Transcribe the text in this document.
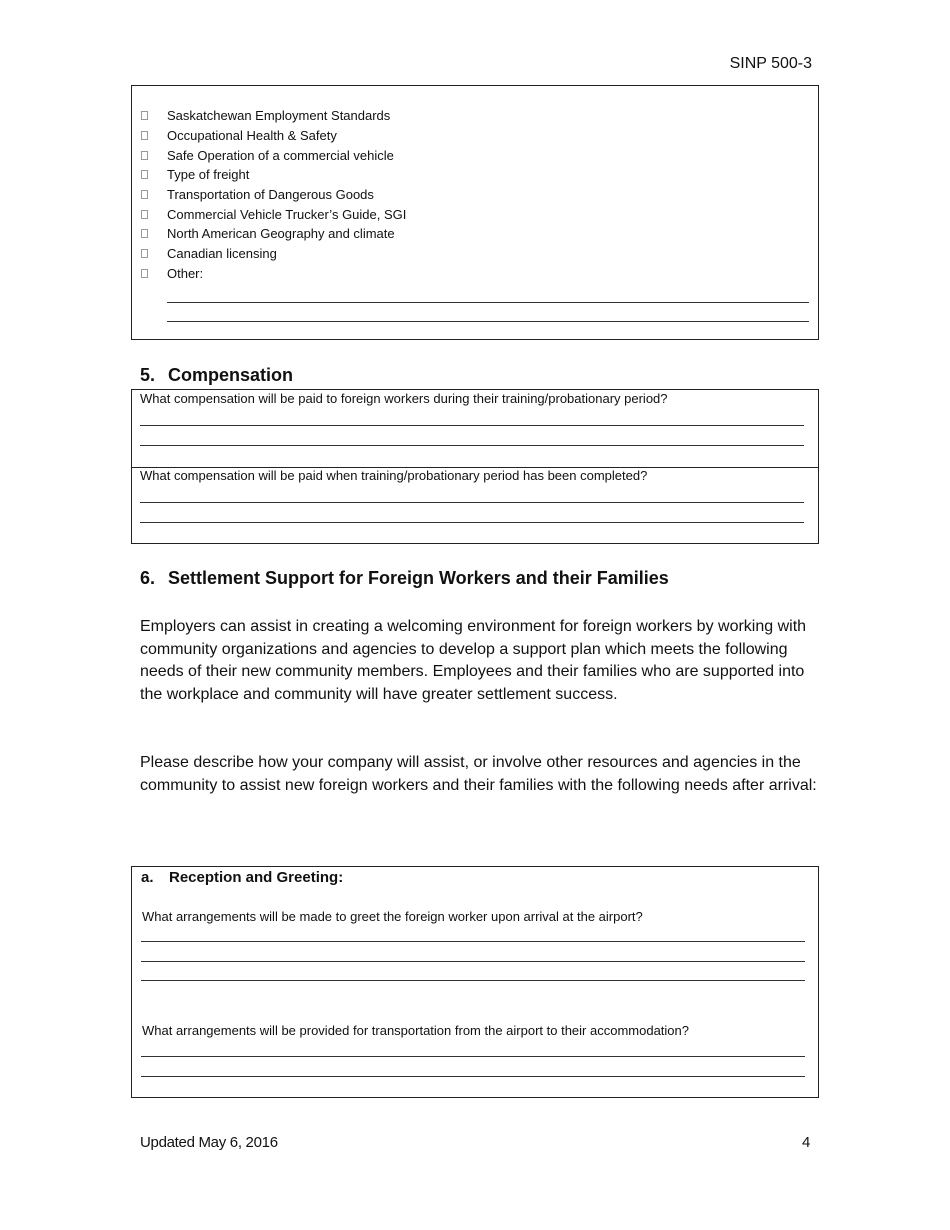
SINP 500-3
Saskatchewan Employment Standards
Occupational Health & Safety
Safe Operation of a commercial vehicle
Type of freight
Transportation of Dangerous Goods
Commercial Vehicle Trucker’s Guide, SGI
North American Geography and climate
Canadian licensing
Other:
5. Compensation
What compensation will be paid to foreign workers during their training/probationary period?
What compensation will be paid when training/probationary period has been completed?
6. Settlement Support for Foreign Workers and their Families
Employers can assist in creating a welcoming environment for foreign workers by working with community organizations and agencies to develop a support plan which meets the following needs of their new community members. Employees and their families who are supported into the workplace and community will have greater settlement success.
Please describe how your company will assist, or involve other resources and agencies in the community to assist new foreign workers and their families with the following needs after arrival:
a. Reception and Greeting:
What arrangements will be made to greet the foreign worker upon arrival at the airport?
What arrangements will be provided for transportation from the airport to their accommodation?
Updated May 6, 2016	4
